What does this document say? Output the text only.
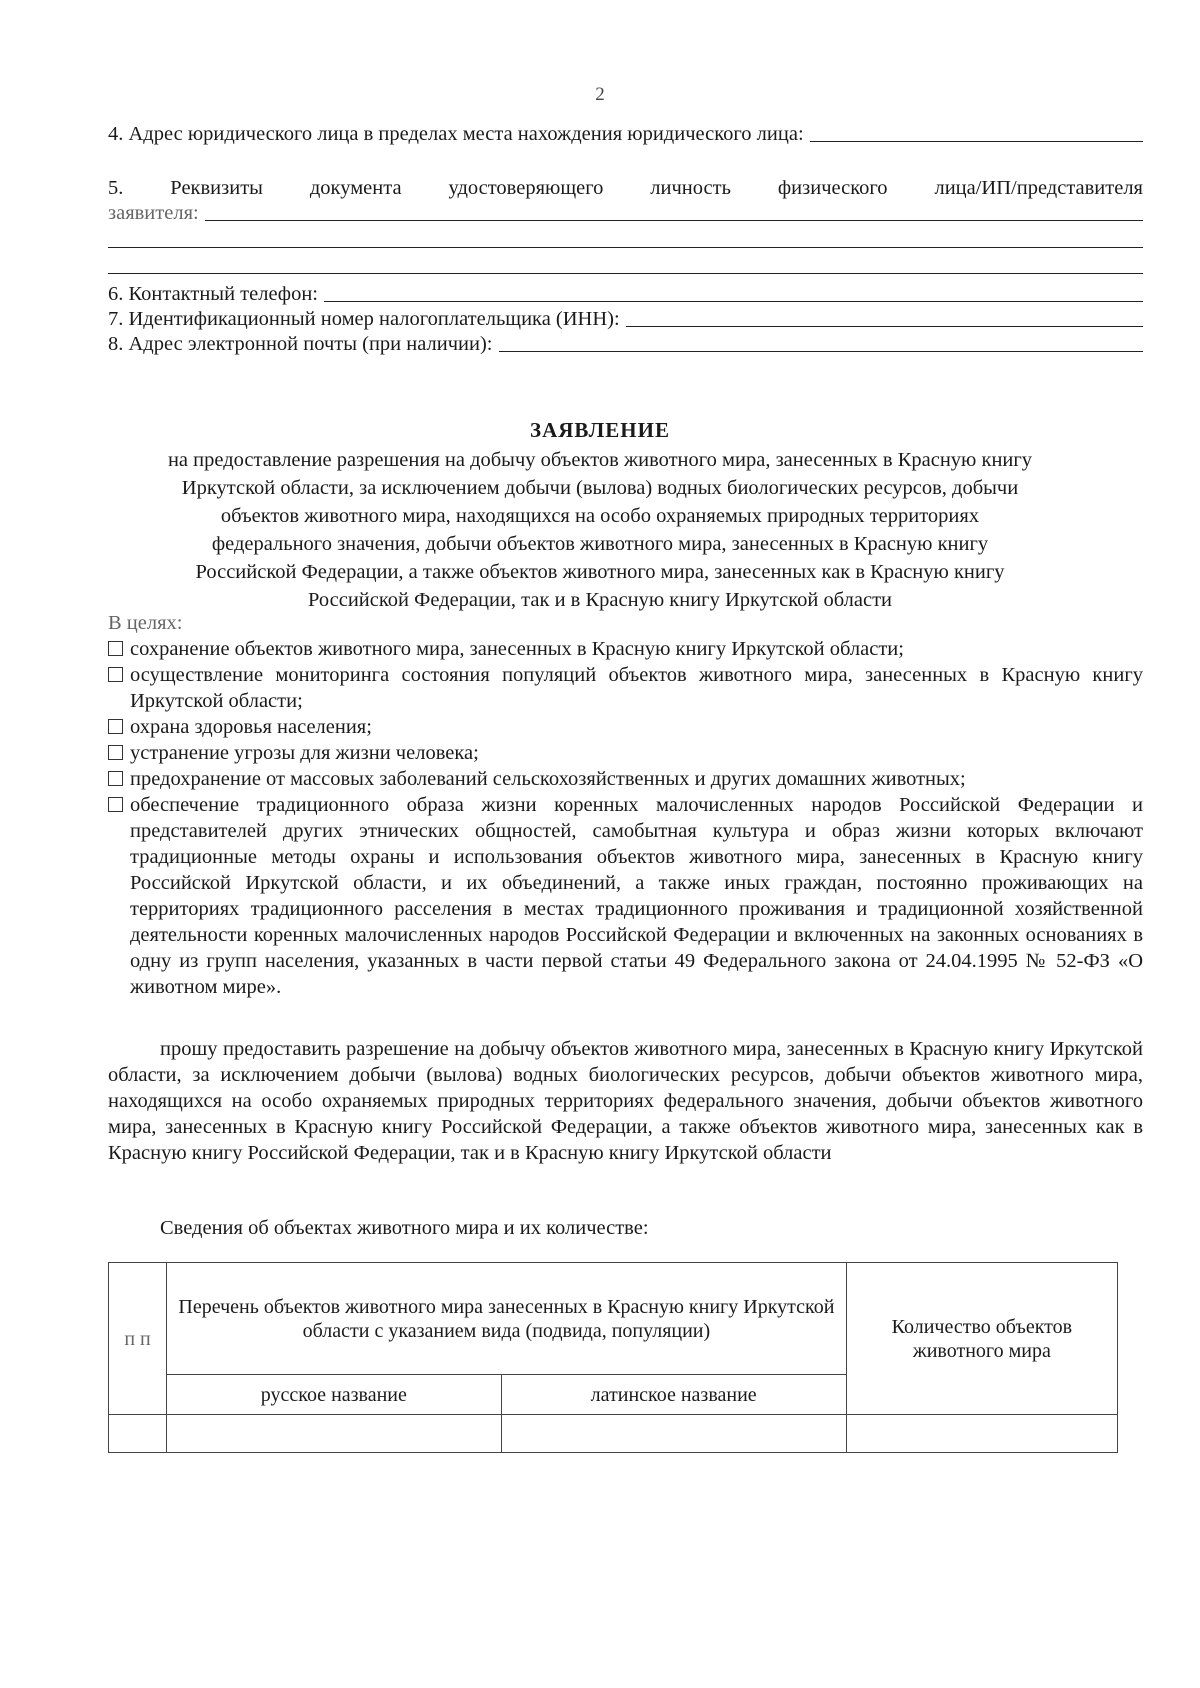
2
4. Адрес юридического лица в пределах места нахождения юридического лица:
5. Реквизиты документа удостоверяющего личность физического лица/ИП/представителя
заявителя:
6. Контактный телефон:
7. Идентификационный номер налогоплательщика (ИНН):
8. Адрес электронной почты (при наличии):
ЗАЯВЛЕНИЕ
на предоставление разрешения на добычу объектов животного мира, занесенных в Красную книгу
Иркутской области, за исключением добычи (вылова) водных биологических ресурсов, добычи
объектов животного мира, находящихся на особо охраняемых природных территориях
федерального значения, добычи объектов животного мира, занесенных в Красную книгу
Российской Федерации, а также объектов животного мира, занесенных как в Красную книгу
Российской Федерации, так и в Красную книгу Иркутской области
В целях:
сохранение объектов животного мира, занесенных в Красную книгу Иркутской области;
осуществление мониторинга состояния популяций объектов животного мира, занесенных в Красную книгу Иркутской области;
охрана здоровья населения;
устранение угрозы для жизни человека;
предохранение от массовых заболеваний сельскохозяйственных и других домашних животных;
обеспечение традиционного образа жизни коренных малочисленных народов Российской Федерации и представителей других этнических общностей, самобытная культура и образ жизни которых включают традиционные методы охраны и использования объектов животного мира, занесенных в Красную книгу Российской Иркутской области, и их объединений, а также иных граждан, постоянно проживающих на территориях традиционного расселения в местах традиционного проживания и традиционной хозяйственной деятельности коренных малочисленных народов Российской Федерации и включенных на законных основаниях в одну из групп населения, указанных в части первой статьи 49 Федерального закона от 24.04.1995 № 52-ФЗ «О животном мире».
прошу предоставить разрешение на добычу объектов животного мира, занесенных в Красную книгу Иркутской области, за исключением добычи (вылова) водных биологических ресурсов, добычи объектов животного мира, находящихся на особо охраняемых природных территориях федерального значения, добычи объектов животного мира, занесенных в Красную книгу Российской Федерации, а также объектов животного мира, занесенных как в Красную книгу Российской Федерации, так и в Красную книгу Иркутской области
Сведения об объектах животного мира и их количестве:
п п	Перечень объектов животного мира занесенных в Красную книгу Иркутской области с указанием вида (подвида, популяции)		Количество объектов животного мира
	русское название	латинское название	
